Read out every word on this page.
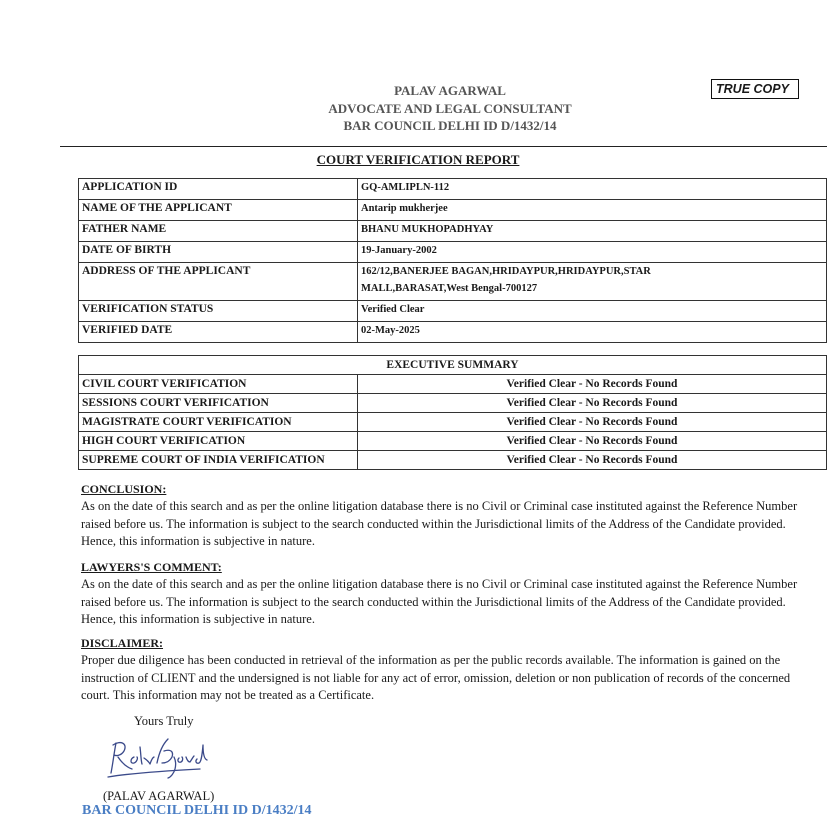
PALAV AGARWAL
ADVOCATE AND LEGAL CONSULTANT
BAR COUNCIL DELHI ID D/1432/14
TRUE COPY
COURT VERIFICATION REPORT
APPLICATION ID	GQ-AMLIPLN-112
NAME OF THE APPLICANT	Antarip mukherjee
FATHER NAME	BHANU MUKHOPADHYAY
DATE OF BIRTH	19-January-2002
ADDRESS OF THE APPLICANT	162/12,BANERJEE BAGAN,HRIDAYPUR,HRIDAYPUR,STAR
MALL,BARASAT,West Bengal-700127

VERIFICATION STATUS	Verified Clear
VERIFIED DATE	02-May-2025
EXECUTIVE SUMMARY	
CIVIL COURT VERIFICATION	Verified Clear - No Records Found
SESSIONS COURT VERIFICATION	Verified Clear - No Records Found
MAGISTRATE COURT VERIFICATION	Verified Clear - No Records Found
HIGH COURT VERIFICATION	Verified Clear - No Records Found
SUPREME COURT OF INDIA VERIFICATION	Verified Clear - No Records Found
CONCLUSION:

As on the date of this search and as per the online litigation database there is no Civil or Criminal case instituted against the Reference Number raised before us. The information is subject to the search conducted within the Jurisdictional limits of the Address of the Candidate provided. Hence, this information is subjective in nature.

LAWYERS'S COMMENT:

As on the date of this search and as per the online litigation database there is no Civil or Criminal case instituted against the Reference Number raised before us. The information is subject to the search conducted within the Jurisdictional limits of the Address of the Candidate provided. Hence, this information is subjective in nature.

DISCLAIMER:

Proper due diligence has been conducted in retrieval of the information as per the public records available. The information is gained on the instruction of CLIENT and the undersigned is not liable for any act of error, omission, deletion or non publication of records of the concerned court. This information may not be treated as a Certificate.

Yours Truly
(PALAV AGARWAL)
BAR COUNCIL DELHI ID D/1432/14
